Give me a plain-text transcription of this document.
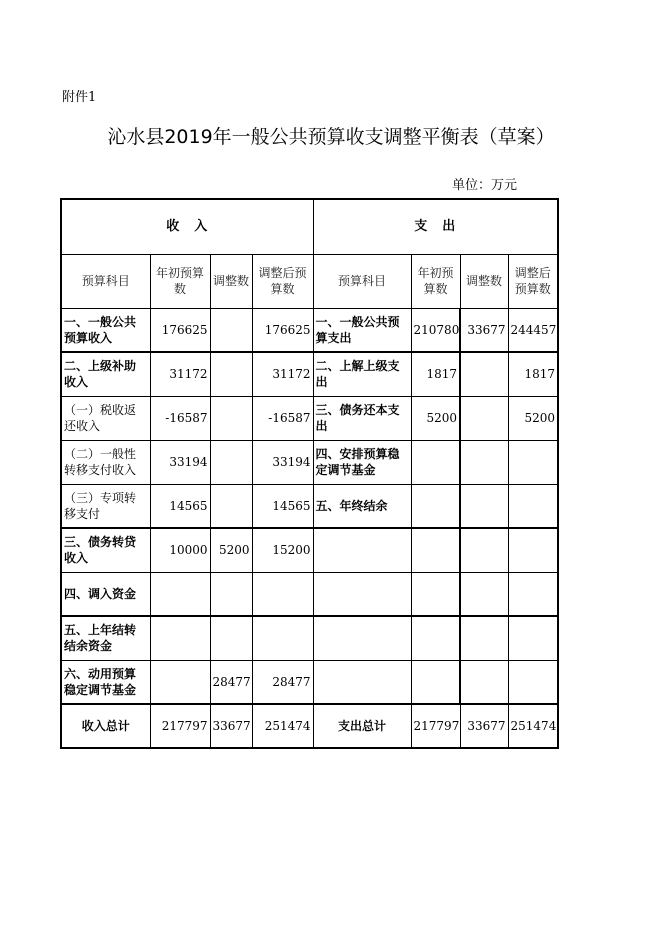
附件1
沁水县2019年一般公共预算收支调整平衡表（草案）
单位：万元
收　入				支　出			
预算科目	年初预算数	调整数	调整后预算数	预算科目	年初预算数	调整数	调整后预算数
一、一般公共预算收入	176625		176625	一、一般公共预算支出	210780	33677	244457
二、上级补助收入	31172		31172	二、上解上级支出	1817		1817
（一）税收返还收入	-16587		-16587	三、债务还本支出	5200		5200
（二）一般性转移支付收入	33194		33194	四、安排预算稳定调节基金			
（三）专项转移支付	14565		14565	五、年终结余			
三、债务转贷收入	10000	5200	15200				
四、调入资金							
五、上年结转结余资金							
六、动用预算稳定调节基金		28477	28477				
收入总计	217797	33677	251474	支出总计	217797	33677	251474
